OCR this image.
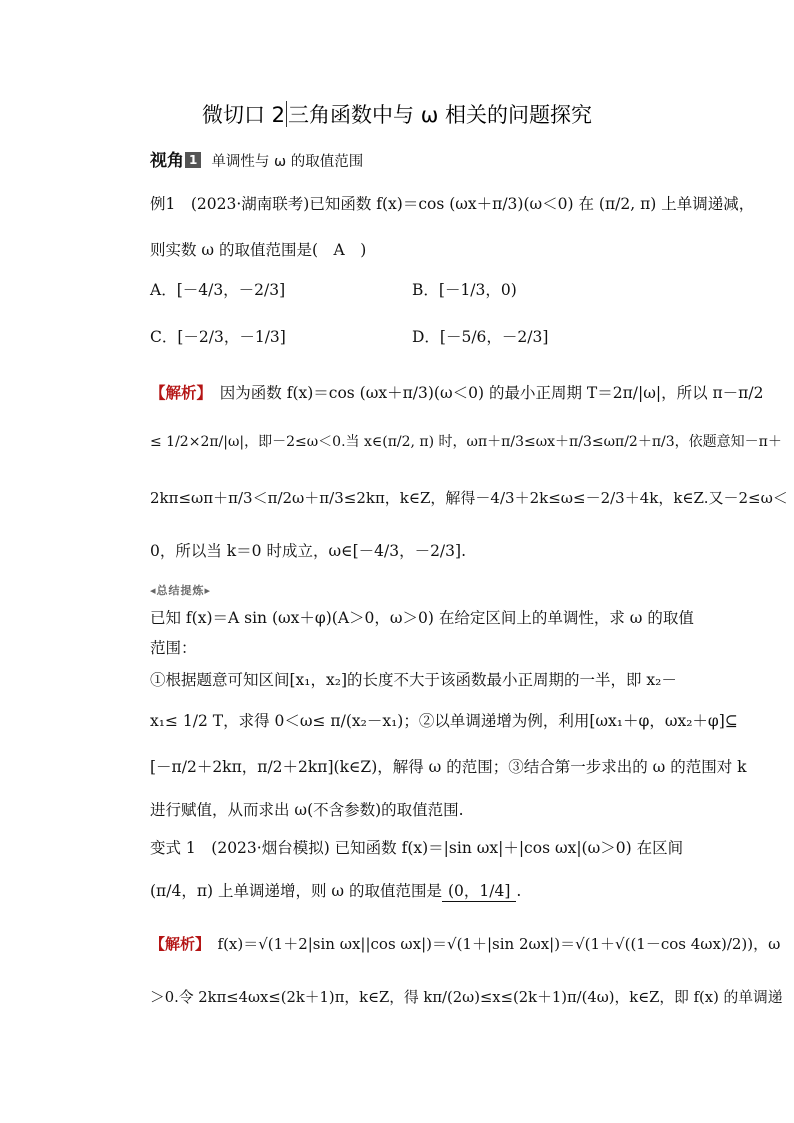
微切口 2 三角函数中与 ω 相关的问题探究
视角 1 单调性与 ω 的取值范围
例1　(2023·湖南联考)已知函数 f(x)＝cos (ωx＋π/3)(ω＜0) 在 (π/2, π) 上单调递减，
则实数 ω 的取值范围是(　A　)
A．[－4/3，－2/3]	B．[－1/3，0)
C．[－2/3，－1/3]	D．[－5/6，－2/3]
【解析】　 因为函数 f(x)＝cos (ωx＋π/3)(ω＜0) 的最小正周期 T＝2π/|ω|，所以 π－π/2
≤ 1/2×2π/|ω|，即－2≤ω＜0.当 x∈(π/2, π) 时，ωπ＋π/3≤ωx＋π/3≤ωπ/2＋π/3，依题意知－π＋
2kπ≤ωπ＋π/3＜π/2ω＋π/3≤2kπ，k∈Z，解得－4/3＋2k≤ω≤－2/3＋4k，k∈Z.又－2≤ω＜
0，所以当 k＝0 时成立，ω∈[－4/3，－2/3].
◂总结提炼▸
已知 f(x)＝A sin (ωx＋φ)(A＞0，ω＞0) 在给定区间上的单调性，求 ω 的取值
范围：
①根据题意可知区间[x₁，x₂]的长度不大于该函数最小正周期的一半，即 x₂－
x₁≤ 1/2 T，求得 0＜ω≤ π/(x₂－x₁)；②以单调递增为例，利用[ωx₁＋φ，ωx₂＋φ]⊆
[－π/2＋2kπ，π/2＋2kπ](k∈Z)，解得 ω 的范围；③结合第一步求出的 ω 的范围对 k
进行赋值，从而求出 ω(不含参数)的取值范围.
变式 1　(2023·烟台模拟) 已知函数 f(x)＝|sin ωx|＋|cos ωx|(ω＞0) 在区间
(π/4，π) 上单调递增，则 ω 的取值范围是 (0，1/4] .
【解析】　 f(x)＝√(1＋2|sin ωx||cos ωx|)＝√(1＋|sin 2ωx|)＝√(1＋√((1－cos 4ωx)/2))，ω
＞0.令 2kπ≤4ωx≤(2k＋1)π，k∈Z，得 kπ/(2ω)≤x≤(2k＋1)π/(4ω)，k∈Z，即 f(x) 的单调递
